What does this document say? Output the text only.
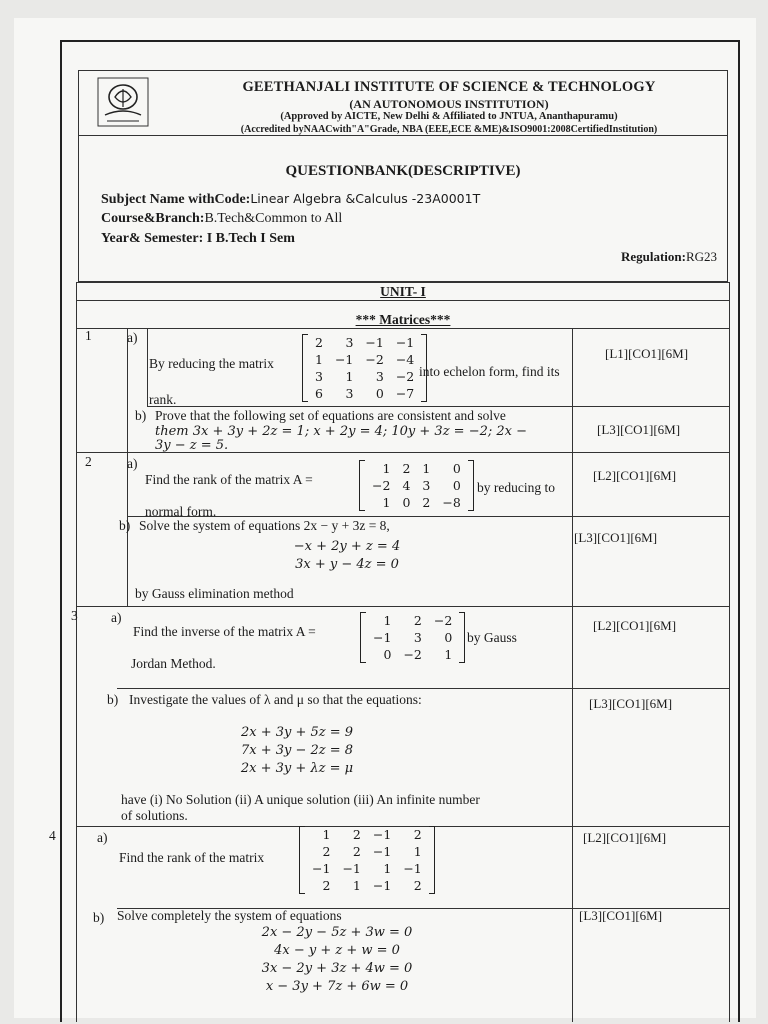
GEETHANJALI INSTITUTE OF SCIENCE & TECHNOLOGY
(AN AUTONOMOUS INSTITUTION)
(Approved by AICTE, New Delhi & Affiliated to JNTUA, Ananthapuramu)
(Accredited byNAACwith"A"Grade, NBA (EEE,ECE &ME)&ISO9001:2008CertifiedInstitution)
QUESTIONBANK(DESCRIPTIVE)
Subject Name withCode:Linear Algebra &Calculus -23A0001T
Course&Branch:B.Tech&Common to All
Year& Semester: I B.Tech I Sem
Regulation:RG23
UNIT- I
*** Matrices***
1	a)
By reducing the matrix
2	3	−1	−1
1	−1	−2	−4
3	1	3	−2
6	3	0	−7
into echelon form, find its
rank.
[L1][CO1][6M]
b) Prove that the following set of equations are consistent and solve
them 3x + 3y + 2z = 1; x + 2y = 4; 10y + 3z = −2; 2x −
3y − z = 5.
[L3][CO1][6M]
2	a)
Find the rank of the matrix A =
1	2	1	0
−2	4	3	0
1	0	2	−8
by reducing to
normal form.
[L2][CO1][6M]
b) Solve the system of equations 2x − y + 3z = 8,
−x + 2y + z = 4
3x + y − 4z = 0
by Gauss elimination method
[L3][CO1][6M]
3 a)
Find the inverse of the matrix A =
1	2	−2
−1	3	0
0	−2	1
by Gauss
Jordan Method.
[L2][CO1][6M]
b) Investigate the values of λ and μ so that the equations:
2x + 3y + 5z = 9
7x + 3y − 2z = 8
2x + 3y + λz = μ
have (i) No Solution (ii) A unique solution (iii) An infinite number
of solutions.
[L3][CO1][6M]
4	a)
Find the rank of the matrix
1	2	−1	2
2	2	−1	1
−1	−1	1	−1
2	1	−1	2
[L2][CO1][6M]
b) Solve completely the system of equations
2x − 2y − 5z + 3w = 0
4x − y + z + w = 0
3x − 2y + 3z + 4w = 0
x − 3y + 7z + 6w = 0
[L3][CO1][6M]
